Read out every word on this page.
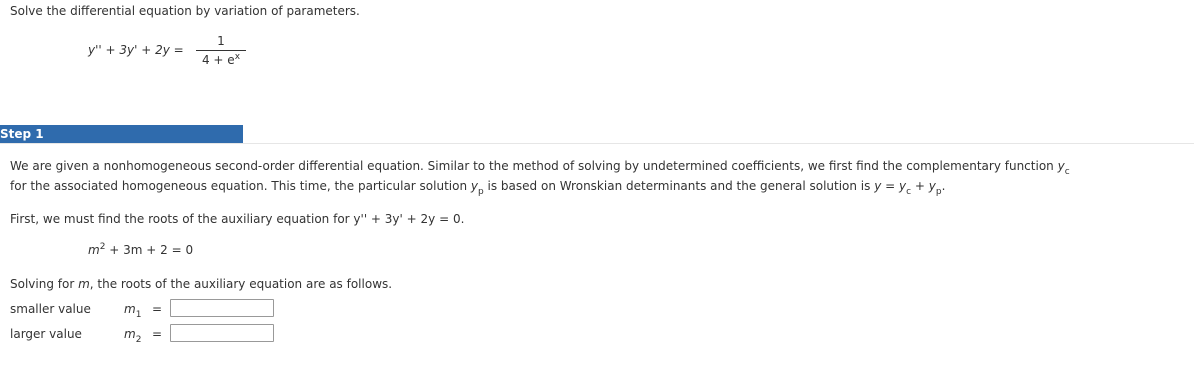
Solve the differential equation by variation of parameters.
y'' + 3y' + 2y =
1
$4 + e^x$
Step 1
We are given a nonhomogeneous second-order differential equation. Similar to the method of solving by undetermined coefficients, we first find the complementary function $y_c$
for the associated homogeneous equation. This time, the particular solution $y_p$ is based on Wronskian determinants and the general solution is $y = y_c + y_p$.
First, we must find the roots of the auxiliary equation for y'' + 3y' + 2y = 0.
$m^2 + 3m + 2 = 0$
Solving for m, the roots of the auxiliary equation are as follows.
smaller value	$m_1$ =
larger value	$m_2$ =
